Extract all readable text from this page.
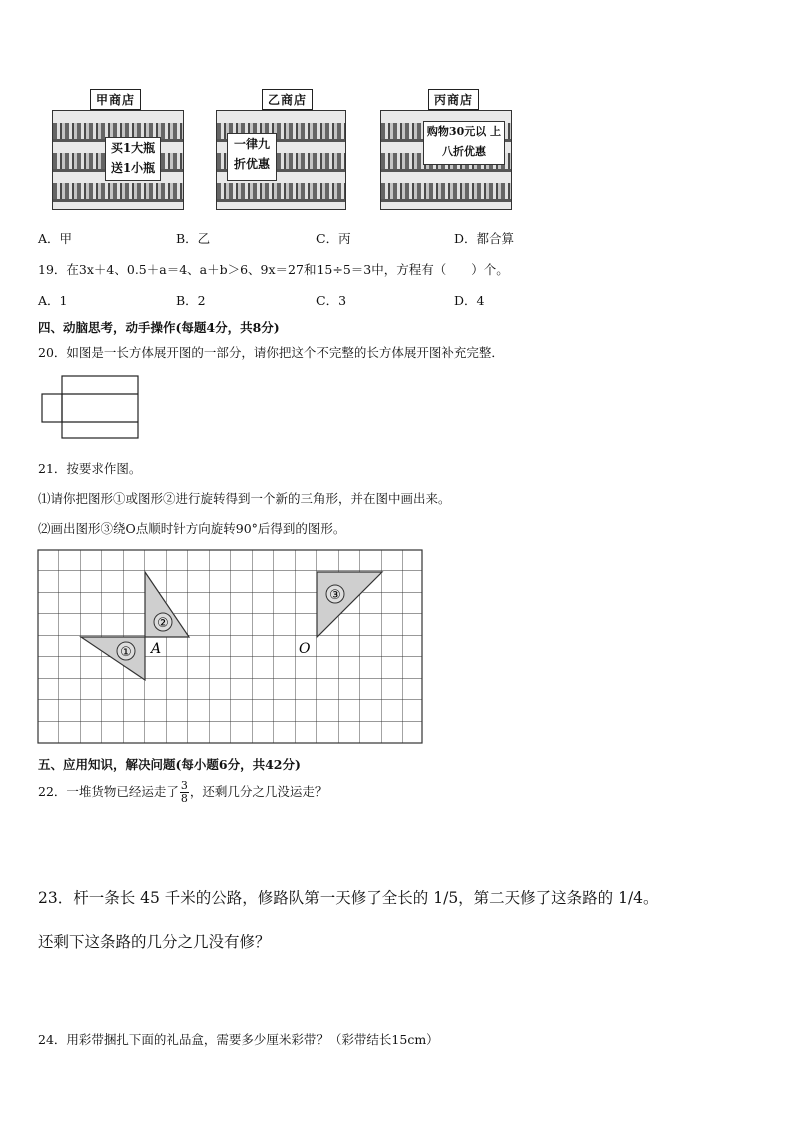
买1大瓶 送1小瓶
甲商店
一律九 折优惠
乙商店
购物30元以 上八折优惠
丙商店
A．甲	B．乙	C．丙	D．都合算
19．在3x＋4、0.5＋a＝4、a＋b＞6、9x＝27和15÷5＝3中，方程有（　　）个。
A．1	B．2	C．3	D．4
四、动脑思考，动手操作(每题4分，共8分)
20．如图是一长方体展开图的一部分，请你把这个不完整的长方体展开图补充完整．
21．按要求作图。
⑴请你把图形①或图形②进行旋转得到一个新的三角形，并在图中画出来。
⑵画出图形③绕O点顺时针方向旋转90°后得到的图形。
①
②
③
A	O
五、应用知识，解决问题(每小题6分，共42分)
22．一堆货物已经运走了 $\frac{3}{8}$ ，还剩几分之几没运走？
23．杆一条长 45 千米的公路，修路队第一天修了全长的 1/5，第二天修了这条路的 1/4。
还剩下这条路的几分之几没有修？
24．用彩带捆扎下面的礼品盒，需要多少厘米彩带？（彩带结长15cm）
